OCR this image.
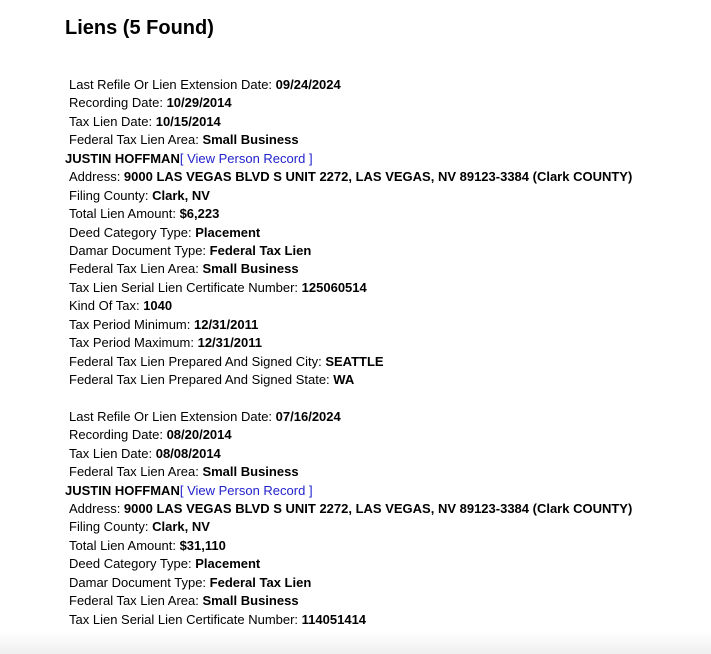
Liens (5 Found)
Last Refile Or Lien Extension Date: 09/24/2024
Recording Date: 10/29/2014
Tax Lien Date: 10/15/2014
Federal Tax Lien Area: Small Business
JUSTIN HOFFMAN[ View Person Record ]
Address: 9000 LAS VEGAS BLVD S UNIT 2272, LAS VEGAS, NV 89123-3384 (Clark COUNTY)
Filing County: Clark, NV
Total Lien Amount: $6,223
Deed Category Type: Placement
Damar Document Type: Federal Tax Lien
Federal Tax Lien Area: Small Business
Tax Lien Serial Lien Certificate Number: 125060514
Kind Of Tax: 1040
Tax Period Minimum: 12/31/2011
Tax Period Maximum: 12/31/2011
Federal Tax Lien Prepared And Signed City: SEATTLE
Federal Tax Lien Prepared And Signed State: WA
Last Refile Or Lien Extension Date: 07/16/2024
Recording Date: 08/20/2014
Tax Lien Date: 08/08/2014
Federal Tax Lien Area: Small Business
JUSTIN HOFFMAN[ View Person Record ]
Address: 9000 LAS VEGAS BLVD S UNIT 2272, LAS VEGAS, NV 89123-3384 (Clark COUNTY)
Filing County: Clark, NV
Total Lien Amount: $31,110
Deed Category Type: Placement
Damar Document Type: Federal Tax Lien
Federal Tax Lien Area: Small Business
Tax Lien Serial Lien Certificate Number: 114051414
